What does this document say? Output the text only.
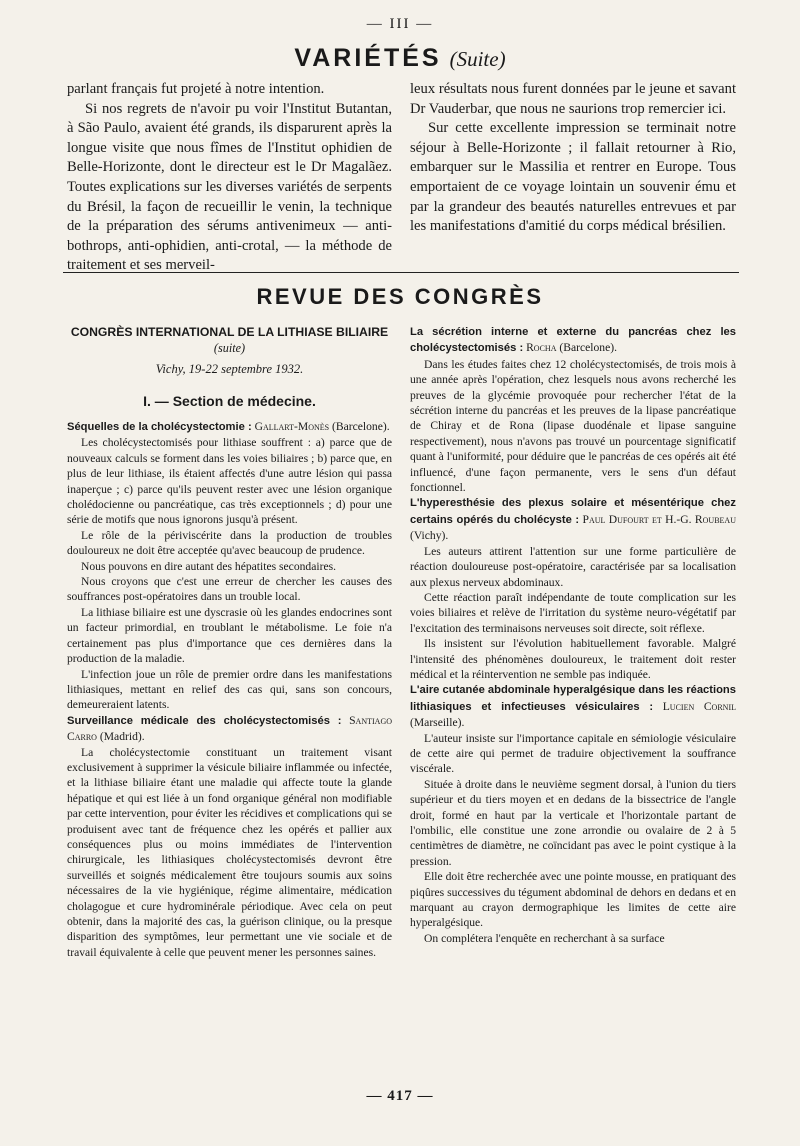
— III —
VARIÉTÉS (Suite)

parlant français fut projeté à notre intention.

Si nos regrets de n'avoir pu voir l'Institut Butantan, à São Paulo, avaient été grands, ils disparurent après la longue visite que nous fîmes de l'Institut ophidien de Belle-Horizonte, dont le directeur est le Dr Magalãez. Toutes explications sur les diverses variétés de serpents du Brésil, la façon de recueillir le venin, la technique de la préparation des sérums antivenimeux — anti-bothrops, anti-ophidien, anti-crotal, — la méthode de traitement et ses merveil-

leux résultats nous furent données par le jeune et savant Dr Vauderbar, que nous ne saurions trop remercier ici.

Sur cette excellente impression se terminait notre séjour à Belle-Horizonte ; il fallait retourner à Rio, embarquer sur le Massilia et rentrer en Europe. Tous emportaient de ce voyage lointain un souvenir ému et par la grandeur des beautés naturelles entrevues et par les manifestations d'amitié du corps médical brésilien.

REVUE DES CONGRÈS
CONGRÈS INTERNATIONAL DE LA LITHIASE BILIAIRE (suite)
Vichy, 19-22 septembre 1932.
I. — Section de médecine.

Séquelles de la cholécystectomie : Gallart-Monès (Barcelone).

Les cholécystectomisés pour lithiase souffrent : a) parce que de nouveaux calculs se forment dans les voies biliaires ; b) parce que, en plus de leur lithiase, ils étaient affectés d'une autre lésion qui passa inaperçue ; c) parce qu'ils peuvent rester avec une lésion organique cholédocienne ou pancréatique, cas très exceptionnels ; d) pour une série de motifs que nous ignorons jusqu'à présent.

Le rôle de la périviscérite dans la production de troubles douloureux ne doit être acceptée qu'avec beaucoup de prudence.

Nous pouvons en dire autant des hépatites secondaires.

Nous croyons que c'est une erreur de chercher les causes des souffrances post-opératoires dans un trouble local.

La lithiase biliaire est une dyscrasie où les glandes endocrines sont un facteur primordial, en troublant le métabolisme. Le foie n'a certainement pas plus d'importance que ces dernières dans la production de la maladie.

L'infection joue un rôle de premier ordre dans les manifestations lithiasiques, mettant en relief des cas qui, sans son concours, demeureraient latents.

Surveillance médicale des cholécystectomisés : Santiago Carro (Madrid).

La cholécystectomie constituant un traitement visant exclusivement à supprimer la vésicule biliaire inflammée ou infectée, et la lithiase biliaire étant une maladie qui affecte toute la glande hépatique et qui est liée à un fond organique général non modifiable par cette intervention, pour éviter les récidives et complications qui se produisent avec tant de fréquence chez les opérés et pallier aux conséquences plus ou moins immédiates de l'intervention chirurgicale, les lithiasiques cholécystectomisés devront être surveillés et soignés médicalement être toujours soumis aux soins nécessaires de la vie hygiénique, régime alimentaire, médication cholagogue et cure hydrominérale périodique. Avec cela on peut obtenir, dans la majorité des cas, la guérison clinique, ou la presque disparition des symptômes, leur permettant une vie sociale et de travail équivalente à celle que peuvent mener les personnes saines.

La sécrétion interne et externe du pancréas chez les cholécystectomisés : Rocha (Barcelone).

Dans les études faites chez 12 cholécystectomisés, de trois mois à une année après l'opération, chez lesquels nous avons recherché les preuves de la glycémie provoquée pour rechercher l'état de la sécrétion interne du pancréas et les preuves de la lipase pancréatique de Chiray et de Rona (lipase duodénale et lipase sanguine respectivement), nous n'avons pas trouvé un pourcentage significatif quant à l'uniformité, pour déduire que le pancréas de ces opérés ait été influencé, d'une façon permanente, vers le sens d'un défaut fonctionnel.

L'hyperesthésie des plexus solaire et mésentérique chez certains opérés du cholécyste : Paul Dufourt et H.-G. Roubeau (Vichy).

Les auteurs attirent l'attention sur une forme particulière de réaction douloureuse post-opératoire, caractérisée par sa localisation aux plexus nerveux abdominaux.

Cette réaction paraît indépendante de toute complication sur les voies biliaires et relève de l'irritation du système neuro-végétatif par l'excitation des terminaisons nerveuses soit directe, soit réflexe.

Ils insistent sur l'évolution habituellement favorable. Malgré l'intensité des phénomènes douloureux, le traitement doit rester médical et la réintervention ne semble pas indiquée.

L'aire cutanée abdominale hyperalgésique dans les réactions lithiasiques et infectieuses vésiculaires : Lucien Cornil (Marseille).

L'auteur insiste sur l'importance capitale en sémiologie vésiculaire de cette aire qui permet de traduire objectivement la souffrance viscérale.

Située à droite dans le neuvième segment dorsal, à l'union du tiers supérieur et du tiers moyen et en dedans de la bissectrice de l'angle droit, formé en haut par la verticale et l'horizontale partant de l'ombilic, elle constitue une zone arrondie ou ovalaire de 2 à 5 centimètres de diamètre, ne coïncidant pas avec le point cystique à la pression.

Elle doit être recherchée avec une pointe mousse, en pratiquant des piqûres successives du tégument abdominal de dehors en dedans et en marquant au crayon dermographique les limites de cette aire hyperalgésique.

On complétera l'enquête en recherchant à sa surface

— 417 —
